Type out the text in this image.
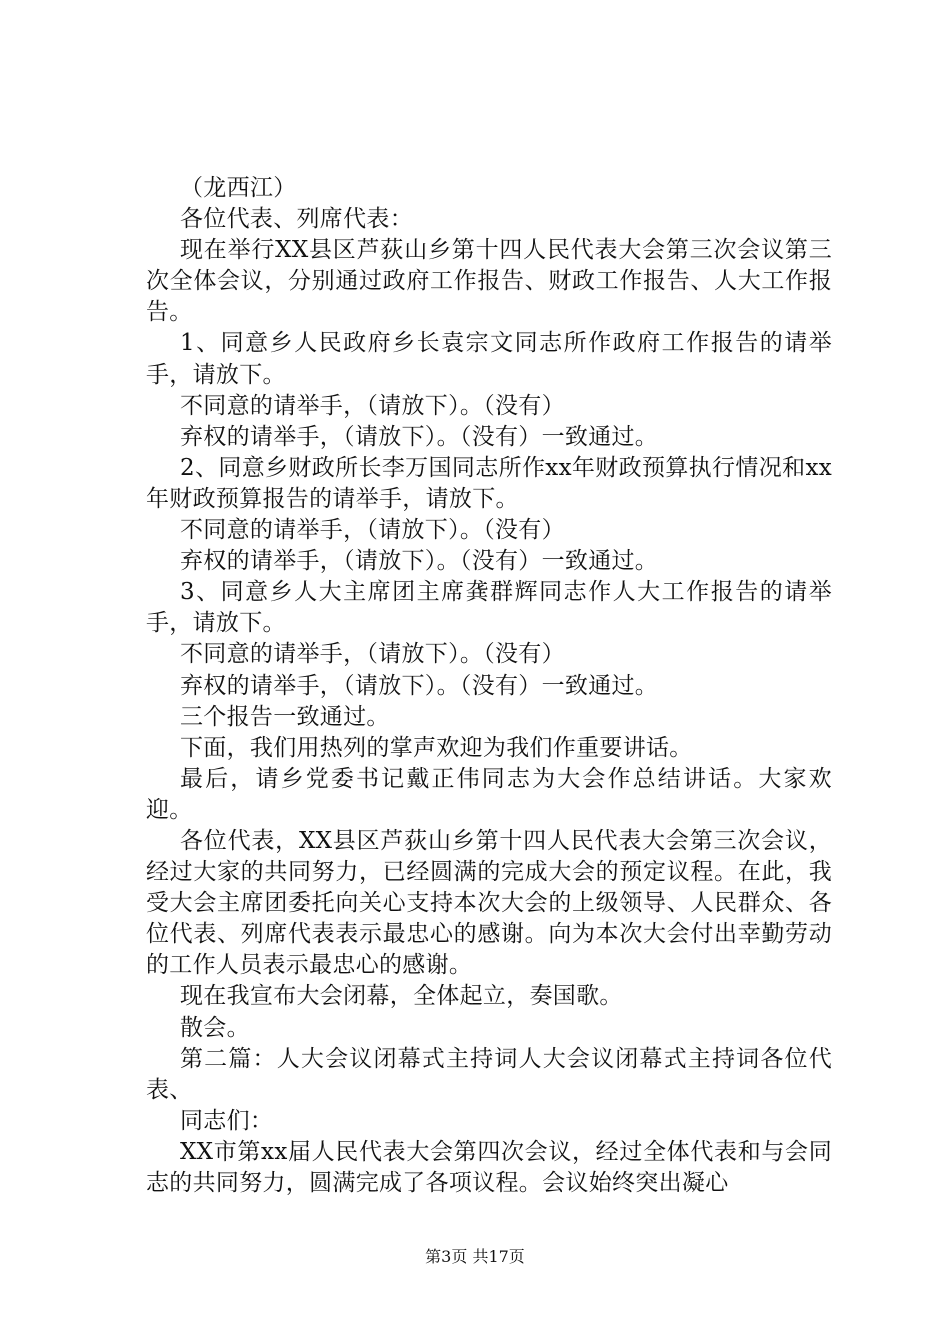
（龙西江）

各位代表、列席代表：

现在举行XX县区芦荻山乡第十四人民代表大会第三次会议第三次全体会议，分别通过政府工作报告、财政工作报告、人大工作报告。

1、同意乡人民政府乡长袁宗文同志所作政府工作报告的请举手，请放下。

不同意的请举手，（请放下）。（没有）

弃权的请举手，（请放下）。（没有）一致通过。

2、同意乡财政所长李万国同志所作xx年财政预算执行情况和xx年财政预算报告的请举手，请放下。

不同意的请举手，（请放下）。（没有）

弃权的请举手，（请放下）。（没有）一致通过。

3、同意乡人大主席团主席龚群辉同志作人大工作报告的请举手，请放下。

不同意的请举手，（请放下）。（没有）

弃权的请举手，（请放下）。（没有）一致通过。

三个报告一致通过。

下面，我们用热列的掌声欢迎为我们作重要讲话。

最后，请乡党委书记戴正伟同志为大会作总结讲话。大家欢迎。

各位代表，XX县区芦荻山乡第十四人民代表大会第三次会议，经过大家的共同努力，已经圆满的完成大会的预定议程。在此，我受大会主席团委托向关心支持本次大会的上级领导、人民群众、各位代表、列席代表表示最忠心的感谢。向为本次大会付出幸勤劳动的工作人员表示最忠心的感谢。

现在我宣布大会闭幕，全体起立，奏国歌。

散会。

第二篇：人大会议闭幕式主持词人大会议闭幕式主持词各位代表、

同志们：

XX市第xx届人民代表大会第四次会议，经过全体代表和与会同志的共同努力，圆满完成了各项议程。会议始终突出凝心

第3页 共17页
